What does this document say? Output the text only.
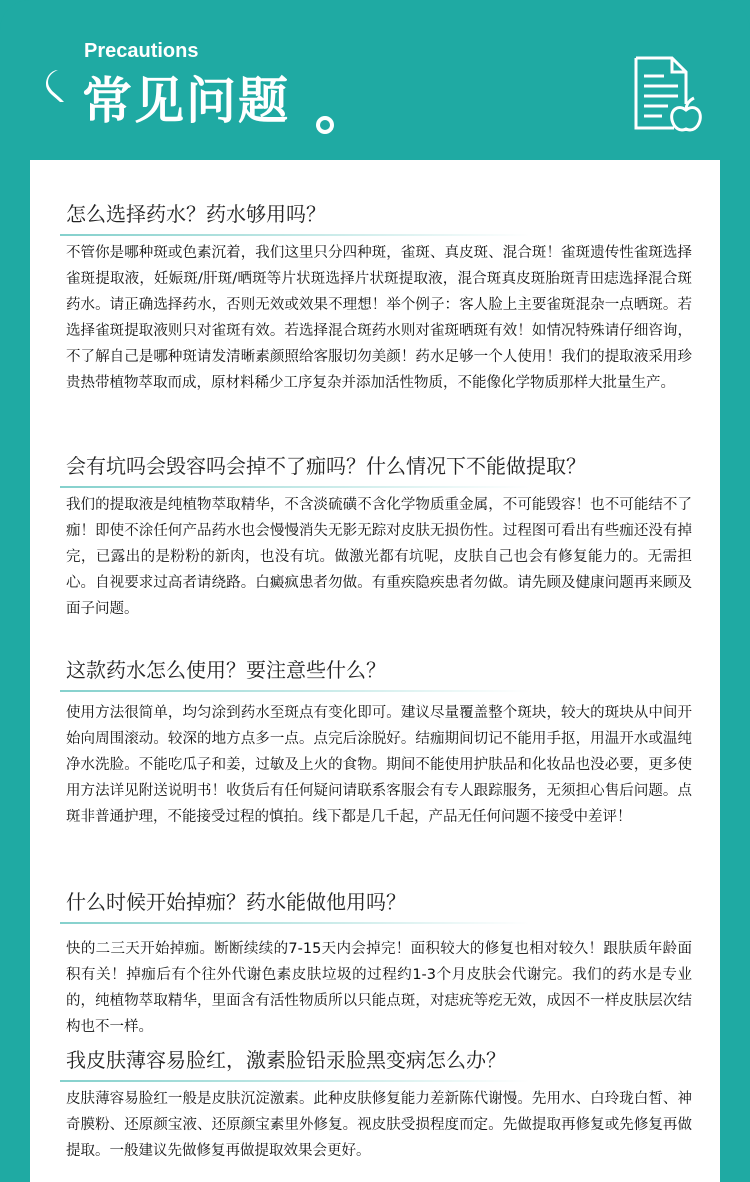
Precautions
常见问题
怎么选择药水？药水够用吗？
不管你是哪种斑或色素沉着，我们这里只分四种斑，雀斑、真皮斑、混合斑！雀斑遗传性雀斑选择雀斑提取液，妊娠斑/肝斑/晒斑等片状斑选择片状斑提取液，混合斑真皮斑胎斑青田痣选择混合斑药水。请正确选择药水，否则无效或效果不理想！举个例子：客人脸上主要雀斑混杂一点晒斑。若选择雀斑提取液则只对雀斑有效。若选择混合斑药水则对雀斑晒斑有效！如情况特殊请仔细咨询，不了解自己是哪种斑请发清晰素颜照给客服切勿美颜！药水足够一个人使用！我们的提取液采用珍贵热带植物萃取而成，原材料稀少工序复杂并添加活性物质，不能像化学物质那样大批量生产。
会有坑吗会毁容吗会掉不了痂吗？什么情况下不能做提取？
我们的提取液是纯植物萃取精华，不含淡硫磺不含化学物质重金属，不可能毁容！也不可能结不了痂！即使不涂任何产品药水也会慢慢消失无影无踪对皮肤无损伤性。过程图可看出有些痂还没有掉完，已露出的是粉粉的新肉，也没有坑。做激光都有坑呢，皮肤自己也会有修复能力的。无需担心。自视要求过高者请绕路。白癜疯患者勿做。有重疾隐疾患者勿做。请先顾及健康问题再来顾及面子问题。
这款药水怎么使用？要注意些什么？
使用方法很简单，均匀涂到药水至斑点有变化即可。建议尽量覆盖整个斑块，较大的斑块从中间开始向周围滚动。较深的地方点多一点。点完后涂脱好。结痂期间切记不能用手抠，用温开水或温纯净水洗脸。不能吃瓜子和姜，过敏及上火的食物。期间不能使用护肤品和化妆品也没必要，更多使用方法详见附送说明书！收货后有任何疑问请联系客服会有专人跟踪服务，无须担心售后问题。点斑非普通护理，不能接受过程的慎拍。线下都是几千起，产品无任何问题不接受中差评！
什么时候开始掉痂？药水能做他用吗？
快的二三天开始掉痂。断断续续的7-15天内会掉完！面积较大的修复也相对较久！跟肤质年龄面积有关！掉痂后有个往外代谢色素皮肤垃圾的过程约1-3个月皮肤会代谢完。我们的药水是专业的，纯植物萃取精华，里面含有活性物质所以只能点斑，对痣疣等疙无效，成因不一样皮肤层次结构也不一样。
我皮肤薄容易脸红，激素脸铅汞脸黑变病怎么办？
皮肤薄容易脸红一般是皮肤沉淀激素。此种皮肤修复能力差新陈代谢慢。先用水、白玲珑白皙、神奇膜粉、还原颜宝液、还原颜宝素里外修复。视皮肤受损程度而定。先做提取再修复或先修复再做提取。一般建议先做修复再做提取效果会更好。
